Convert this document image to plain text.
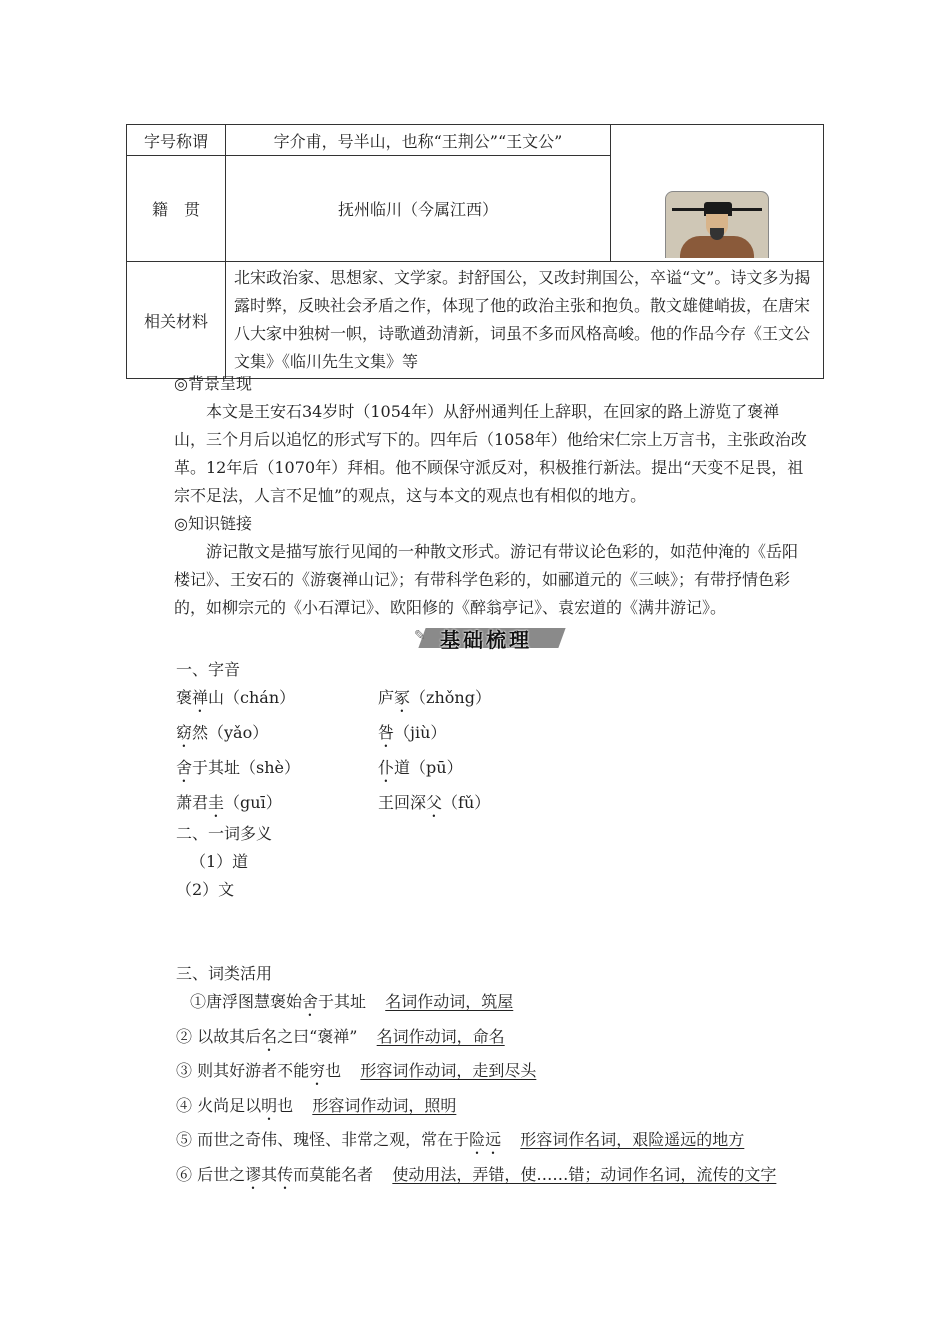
字号称谓	字介甫，号半山，也称“王荆公”“王文公”	

籍　贯	抚州临川（今属江西）	
相关材料	北宋政治家、思想家、文学家。封舒国公，又改封荆国公，卒谥“文”。诗文多为揭露时弊，反映社会矛盾之作，体现了他的政治主张和抱负。散文雄健峭拔，在唐宋八大家中独树一帜，诗歌遒劲清新，词虽不多而风格高峻。他的作品今存《王文公文集》《临川先生文集》等	
◎背景呈现
本文是王安石34岁时（1054年）从舒州通判任上辞职，在回家的路上游览了褒禅山，三个月后以追忆的形式写下的。四年后（1058年）他给宋仁宗上万言书，主张政治改革。12年后（1070年）拜相。他不顾保守派反对，积极推行新法。提出“天变不足畏，祖宗不足法，人言不足恤”的观点，这与本文的观点也有相似的地方。
◎知识链接
游记散文是描写旅行见闻的一种散文形式。游记有带议论色彩的，如范仲淹的《岳阳楼记》、王安石的《游褒禅山记》；有带科学色彩的，如郦道元的《三峡》；有带抒情色彩的，如柳宗元的《小石潭记》、欧阳修的《醉翁亭记》、袁宏道的《满井游记》。
✎ 基础梳理
一、字音
褒禅山（chán）	庐冢（zhǒng）
窈然（yǎo）	咎（jiù）
舍于其址（shè）	仆道（pū）
萧君圭（guī）	王回深父（fǔ）
二、一词多义
（1）道
（2）文
三、词类活用
①唐浮图慧褒始舍于其址 名词作动词，筑屋
② 以故其后名之曰“褒禅” 名词作动词，命名
③ 则其好游者不能穷也 形容词作动词，走到尽头
④ 火尚足以明也 形容词作动词，照明
⑤ 而世之奇伟、瑰怪、非常之观，常在于险远 形容词作名词，艰险遥远的地方
⑥ 后世之谬其传而莫能名者 使动用法，弄错，使……错；动词作名词，流传的文字
